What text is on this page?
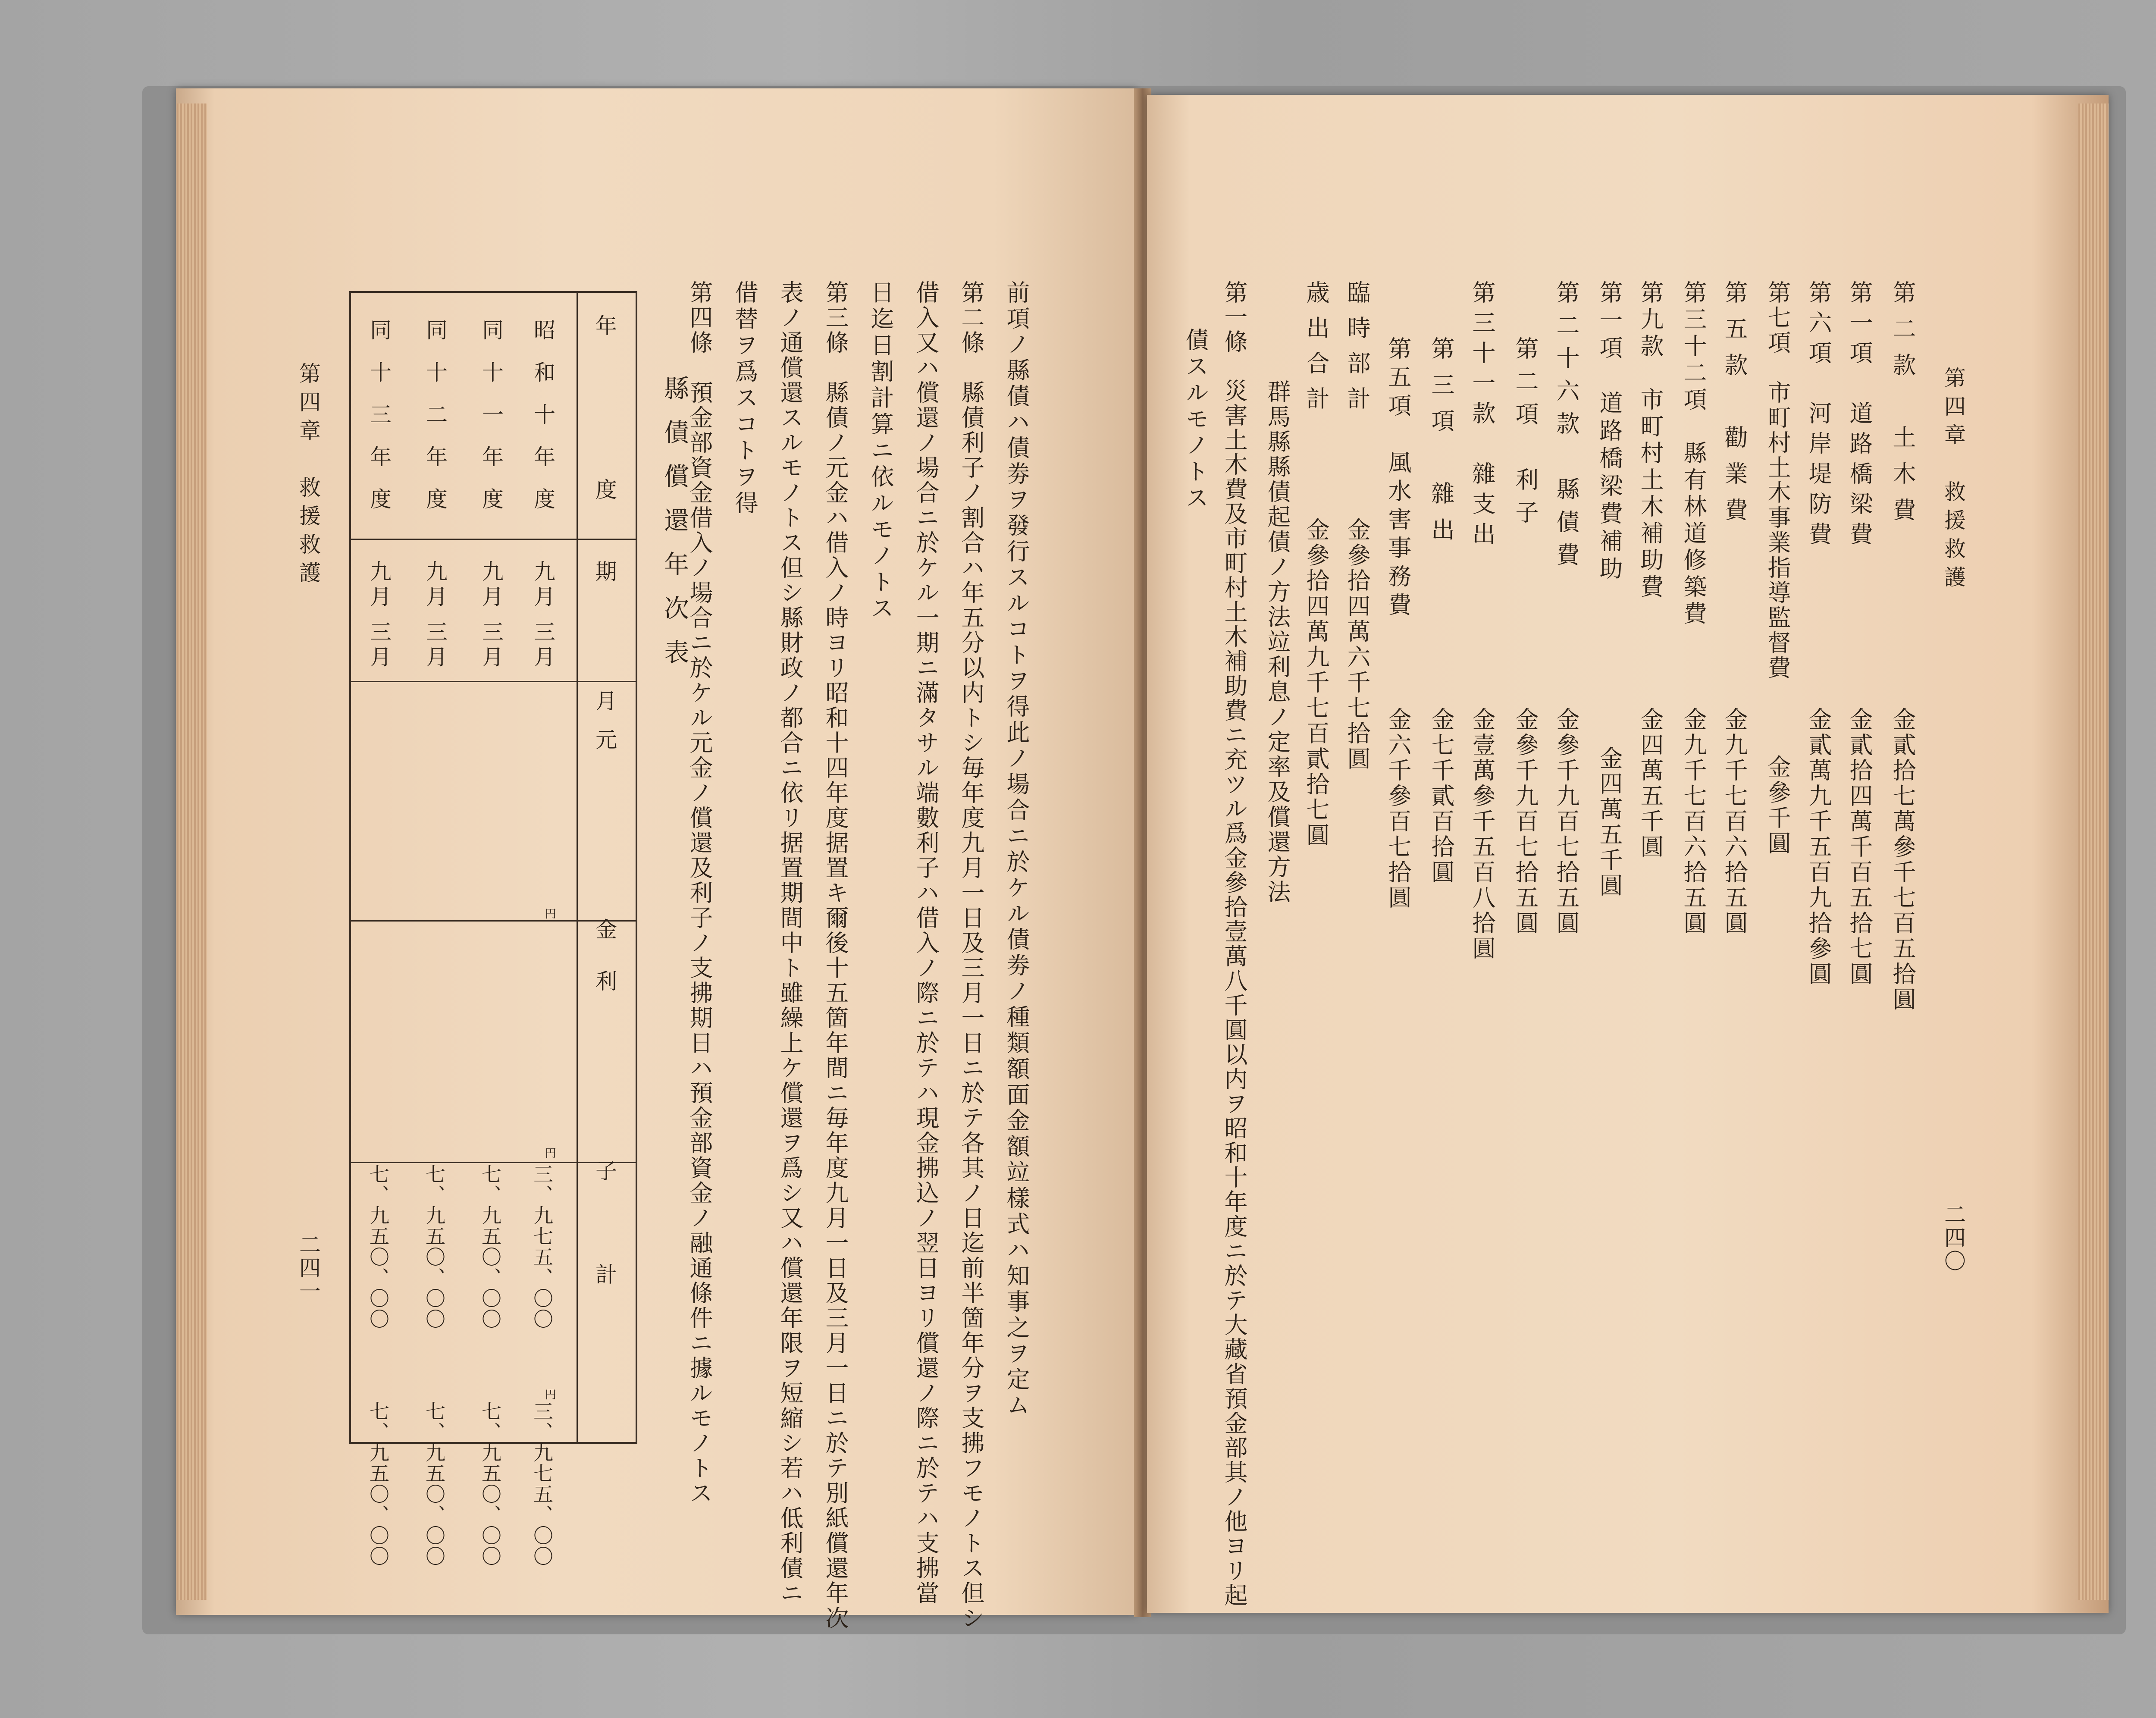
第四章　救援救護
二四一
年　度
期　月
元　金
利　子
計
円
円
円
昭和十年度
九月 三月
三、九七五、〇〇
三、九七五、〇〇
同十一年度
九月 三月
七、九五〇、〇〇
七、九五〇、〇〇
同十二年度
九月 三月
七、九五〇、〇〇
七、九五〇、〇〇
同十三年度
九月 三月
七、九五〇、〇〇
七、九五〇、〇〇
縣債償還年次表	前項ノ縣債ハ債劵ヲ發行スルコトヲ得此ノ場合ニ於ケル債劵ノ種類額面金額竝樣式ハ知事之ヲ定ム
第二條　縣債利子ノ割合ハ年五分以内トシ毎年度九月一日及三月一日ニ於テ各其ノ日迄前半箇年分ヲ支拂フモノトス但シ
借入又ハ償還ノ場合ニ於ケル一期ニ滿タサル端數利子ハ借入ノ際ニ於テハ現金拂込ノ翌日ヨリ償還ノ際ニ於テハ支拂當
日迄日割計算ニ依ルモノトス
第三條　縣債ノ元金ハ借入ノ時ヨリ昭和十四年度据置キ爾後十五箇年間ニ毎年度九月一日及三月一日ニ於テ別紙償還年次
表ノ通償還スルモノトス但シ縣財政ノ都合ニ依リ据置期間中ト雖繰上ケ償還ヲ爲シ又ハ償還年限ヲ短縮シ若ハ低利債ニ
借替ヲ爲スコトヲ得
第四條　預金部資金借入ノ場合ニ於ケル元金ノ償還及利子ノ支拂期日ハ預金部資金ノ融通條件ニ據ルモノトス
　　　　　　　　　　　　　　　　　　　	第四章　救援救護
二四〇
第二款　土木費
金貳拾七萬參千七百五拾圓
第一項　道路橋梁費
金貳拾四萬千百五拾七圓
第六項　河岸堤防費
金貳萬九千五百九拾參圓
第七項　市町村土木事業指導監督費
金參千圓
第五款　勸業費
金九千七百六拾五圓
第三十二項　縣有林道修築費
金九千七百六拾五圓
第九款　市町村土木補助費
金四萬五千圓
第一項　道路橋梁費補助
金四萬五千圓
第二十六款　縣債費
金參千九百七拾五圓
第二項　利子
金參千九百七拾五圓
第三十一款　雜支出
金壹萬參千五百八拾圓
第三項　雜出
金七千貳百拾圓
第五項　風水害事務費
金六千參百七拾圓
臨時部計
金參拾四萬六千七拾圓
歳出合計
金參拾四萬九千七百貳拾七圓
群馬縣縣債起債ノ方法竝利息ノ定率及償還方法
第一條　災害土木費及市町村土木補助費ニ充ツル爲金參拾壹萬八千圓以内ヲ昭和十年度ニ於テ大藏省預金部其ノ他ヨリ起
債スルモノトス
